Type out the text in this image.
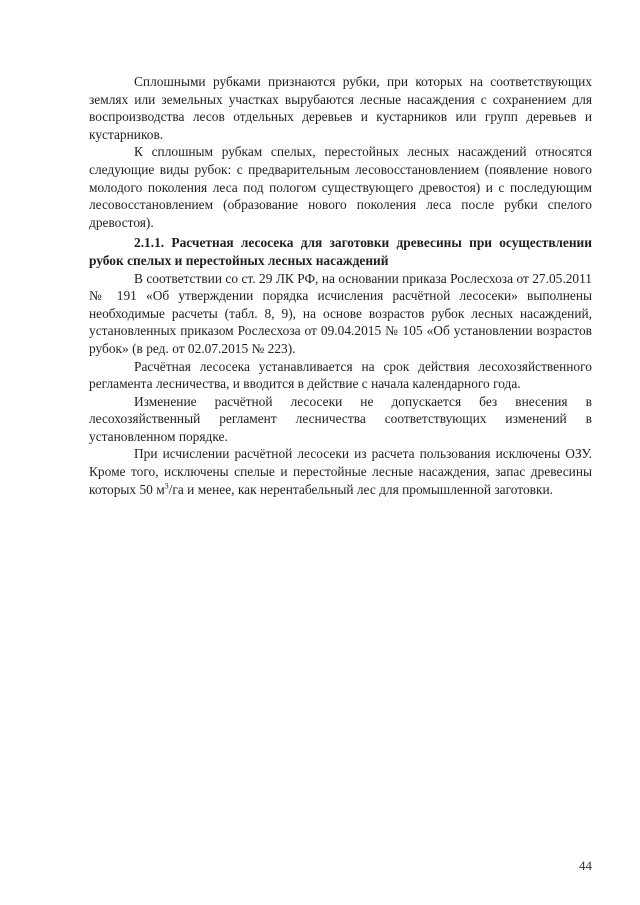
Сплошными рубками признаются рубки, при которых на соответствующих землях или земельных участках вырубаются лесные насаждения с сохранением для воспроизводства лесов отдельных деревьев и кустарников или групп деревьев и кустарников.

К сплошным рубкам спелых, перестойных лесных насаждений относятся следующие виды рубок: с предварительным лесовосстановлением (появление нового молодого поколения леса под пологом существующего древостоя) и с последующим лесовосстановлением (образование нового поколения леса после рубки спелого древостоя).

2.1.1. Расчетная лесосека для заготовки древесины при осуществлении рубок спелых и перестойных лесных насаждений

В соответствии со ст. 29 ЛК РФ, на основании приказа Рослесхоза от 27.05.2011 № 191 «Об утверждении порядка исчисления расчётной лесосеки» выполнены необходимые расчеты (табл. 8, 9), на основе возрастов рубок лесных насаждений, установленных приказом Рослесхоза от 09.04.2015 № 105 «Об установлении возрастов рубок» (в ред. от 02.07.2015 № 223).

Расчётная лесосека устанавливается на срок действия лесохозяйственного регламента лесничества, и вводится в действие с начала календарного года.

Изменение расчётной лесосеки не допускается без внесения в лесохозяйственный регламент лесничества соответствующих изменений в установленном порядке.

При исчислении расчётной лесосеки из расчета пользования исключены ОЗУ. Кроме того, исключены спелые и перестойные лесные насаждения, запас древесины которых 50 $м^3/га$ и менее, как нерентабельный лес для промышленной заготовки.

44
